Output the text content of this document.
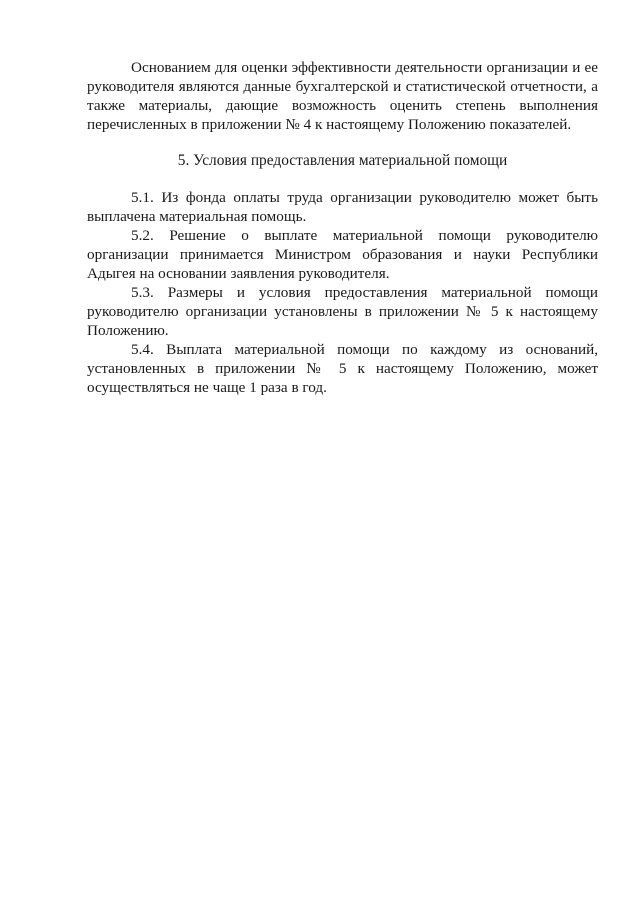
Основанием для оценки эффективности деятельности организации и ее руководителя являются данные бухгалтерской и статистической отчетности, а также материалы, дающие возможность оценить степень выполнения перечисленных в приложении № 4 к настоящему Положению показателей.

5. Условия предоставления материальной помощи

5.1. Из фонда оплаты труда организации руководителю может быть выплачена материальная помощь.

5.2. Решение о выплате материальной помощи руководителю организации принимается Министром образования и науки Республики Адыгея на основании заявления руководителя.

5.3. Размеры и условия предоставления материальной помощи руководителю организации установлены в приложении № 5 к настоящему Положению.

5.4. Выплата материальной помощи по каждому из оснований, установленных в приложении № 5 к настоящему Положению, может осуществляться не чаще 1 раза в год.
